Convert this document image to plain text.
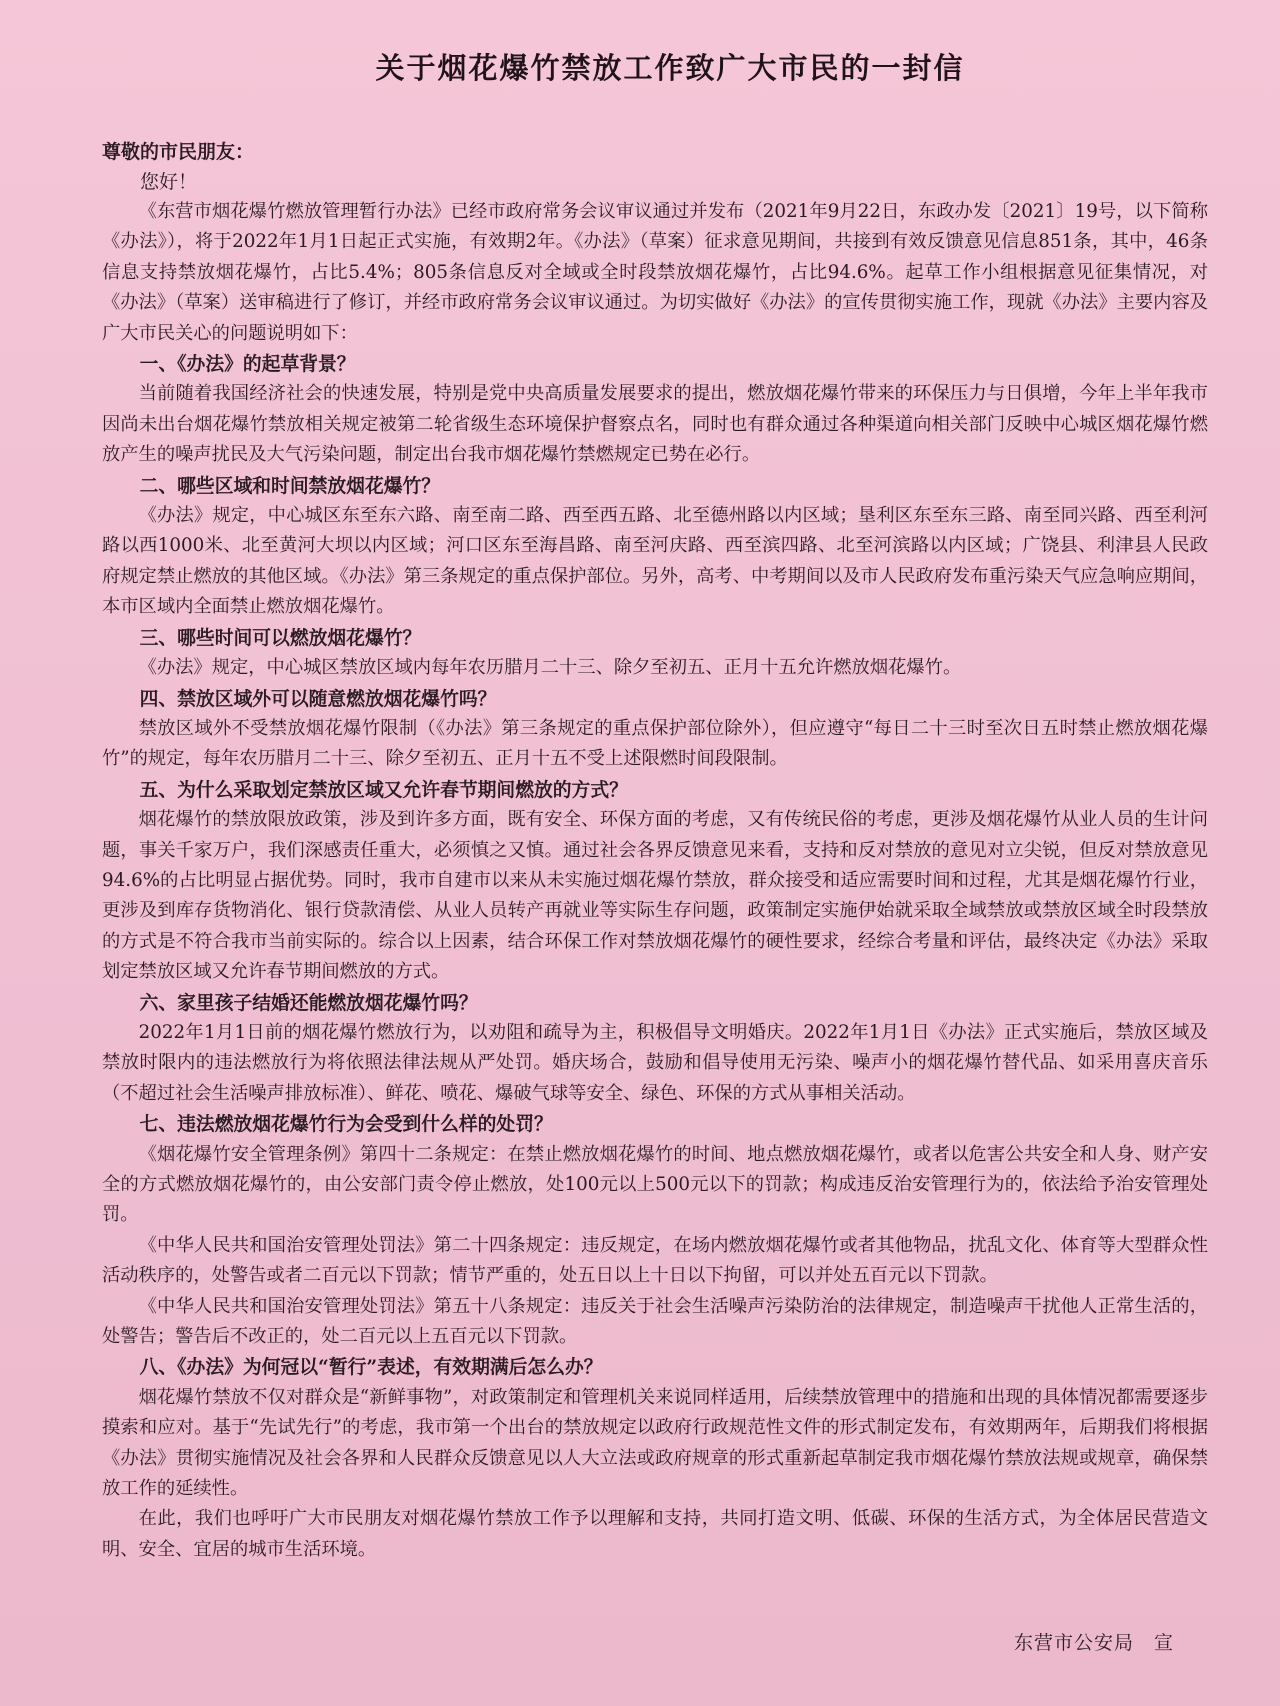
关于烟花爆竹禁放工作致广大市民的一封信
尊敬的市民朋友：
您好！

《东营市烟花爆竹燃放管理暂行办法》已经市政府常务会议审议通过并发布（2021年9月22日，东政办发〔2021〕19号，以下简称《办法》），将于2022年1月1日起正式实施，有效期2年。《办法》（草案）征求意见期间，共接到有效反馈意见信息851条，其中，46条信息支持禁放烟花爆竹，占比5.4%；805条信息反对全域或全时段禁放烟花爆竹，占比94.6%。起草工作小组根据意见征集情况，对《办法》（草案）送审稿进行了修订，并经市政府常务会议审议通过。为切实做好《办法》的宣传贯彻实施工作，现就《办法》主要内容及广大市民关心的问题说明如下：

一、《办法》的起草背景？

当前随着我国经济社会的快速发展，特别是党中央高质量发展要求的提出，燃放烟花爆竹带来的环保压力与日俱增，今年上半年我市因尚未出台烟花爆竹禁放相关规定被第二轮省级生态环境保护督察点名，同时也有群众通过各种渠道向相关部门反映中心城区烟花爆竹燃放产生的噪声扰民及大气污染问题，制定出台我市烟花爆竹禁燃规定已势在必行。

二、哪些区域和时间禁放烟花爆竹？

《办法》规定，中心城区东至东六路、南至南二路、西至西五路、北至德州路以内区域；垦利区东至东三路、南至同兴路、西至利河路以西1000米、北至黄河大坝以内区域；河口区东至海昌路、南至河庆路、西至滨四路、北至河滨路以内区域；广饶县、利津县人民政府规定禁止燃放的其他区域。《办法》第三条规定的重点保护部位。另外，高考、中考期间以及市人民政府发布重污染天气应急响应期间，本市区域内全面禁止燃放烟花爆竹。

三、哪些时间可以燃放烟花爆竹？

《办法》规定，中心城区禁放区域内每年农历腊月二十三、除夕至初五、正月十五允许燃放烟花爆竹。

四、禁放区域外可以随意燃放烟花爆竹吗？

禁放区域外不受禁放烟花爆竹限制（《办法》第三条规定的重点保护部位除外），但应遵守“每日二十三时至次日五时禁止燃放烟花爆竹”的规定，每年农历腊月二十三、除夕至初五、正月十五不受上述限燃时间段限制。

五、为什么采取划定禁放区域又允许春节期间燃放的方式？

烟花爆竹的禁放限放政策，涉及到许多方面，既有安全、环保方面的考虑，又有传统民俗的考虑，更涉及烟花爆竹从业人员的生计问题，事关千家万户，我们深感责任重大，必须慎之又慎。通过社会各界反馈意见来看，支持和反对禁放的意见对立尖锐，但反对禁放意见94.6%的占比明显占据优势。同时，我市自建市以来从未实施过烟花爆竹禁放，群众接受和适应需要时间和过程，尤其是烟花爆竹行业，更涉及到库存货物消化、银行贷款清偿、从业人员转产再就业等实际生存问题，政策制定实施伊始就采取全域禁放或禁放区域全时段禁放的方式是不符合我市当前实际的。综合以上因素，结合环保工作对禁放烟花爆竹的硬性要求，经综合考量和评估，最终决定《办法》采取划定禁放区域又允许春节期间燃放的方式。

六、家里孩子结婚还能燃放烟花爆竹吗？

2022年1月1日前的烟花爆竹燃放行为，以劝阻和疏导为主，积极倡导文明婚庆。2022年1月1日《办法》正式实施后，禁放区域及禁放时限内的违法燃放行为将依照法律法规从严处罚。婚庆场合，鼓励和倡导使用无污染、噪声小的烟花爆竹替代品、如采用喜庆音乐（不超过社会生活噪声排放标准）、鲜花、喷花、爆破气球等安全、绿色、环保的方式从事相关活动。

七、违法燃放烟花爆竹行为会受到什么样的处罚？

《烟花爆竹安全管理条例》第四十二条规定：在禁止燃放烟花爆竹的时间、地点燃放烟花爆竹，或者以危害公共安全和人身、财产安全的方式燃放烟花爆竹的，由公安部门责令停止燃放，处100元以上500元以下的罚款；构成违反治安管理行为的，依法给予治安管理处罚。

《中华人民共和国治安管理处罚法》第二十四条规定：违反规定，在场内燃放烟花爆竹或者其他物品，扰乱文化、体育等大型群众性活动秩序的，处警告或者二百元以下罚款；情节严重的，处五日以上十日以下拘留，可以并处五百元以下罚款。

《中华人民共和国治安管理处罚法》第五十八条规定：违反关于社会生活噪声污染防治的法律规定，制造噪声干扰他人正常生活的，处警告；警告后不改正的，处二百元以上五百元以下罚款。

八、《办法》为何冠以“暂行”表述，有效期满后怎么办？

烟花爆竹禁放不仅对群众是“新鲜事物”，对政策制定和管理机关来说同样适用，后续禁放管理中的措施和出现的具体情况都需要逐步摸索和应对。基于“先试先行”的考虑，我市第一个出台的禁放规定以政府行政规范性文件的形式制定发布，有效期两年，后期我们将根据《办法》贯彻实施情况及社会各界和人民群众反馈意见以人大立法或政府规章的形式重新起草制定我市烟花爆竹禁放法规或规章，确保禁放工作的延续性。

在此，我们也呼吁广大市民朋友对烟花爆竹禁放工作予以理解和支持，共同打造文明、低碳、环保的生活方式，为全体居民营造文明、安全、宜居的城市生活环境。

东营市公安局　宣
